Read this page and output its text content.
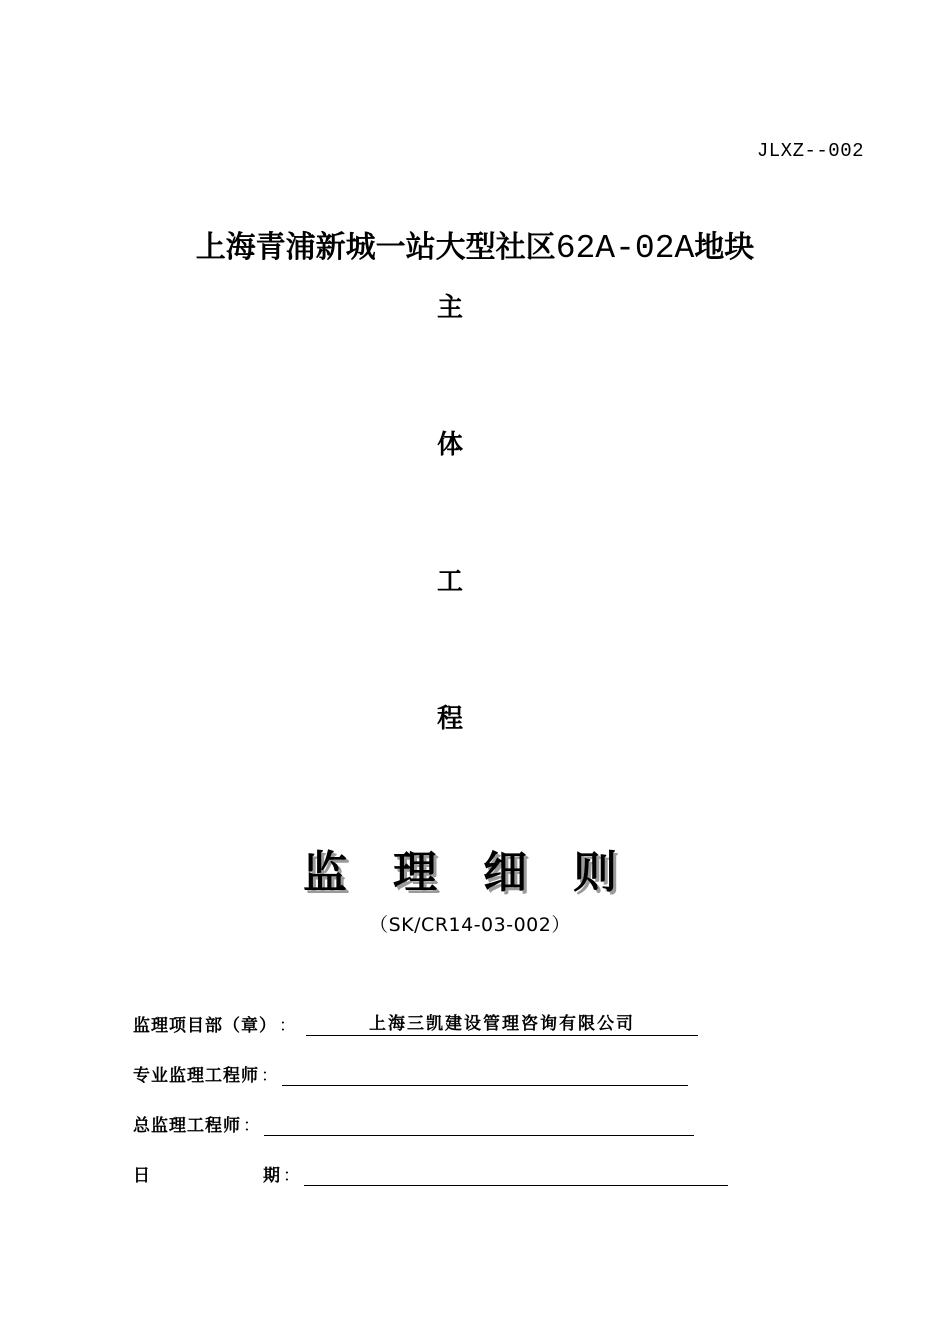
JLXZ--002
上海青浦新城一站大型社区62A-02A地块
主
体
工
程
监理细则
（SK/CR14-03-002）
监理项目部（章） ：	上海三凯建设管理咨询有限公司
专业监理工程师 ：
总监理工程师 ：
日	期 ：
